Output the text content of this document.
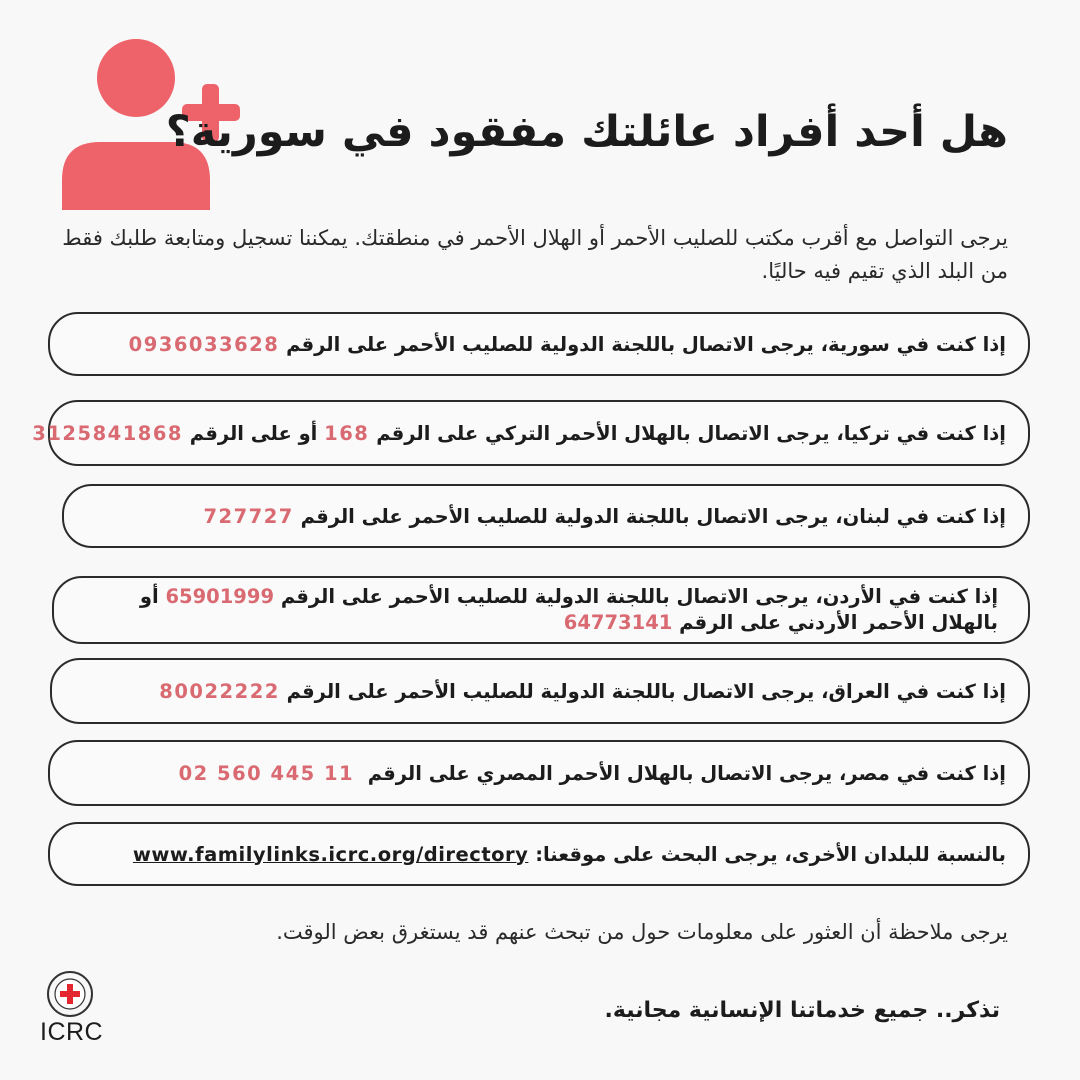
هل أحد أفراد عائلتك مفقود في سورية؟

يرجى التواصل مع أقرب مكتب للصليب الأحمر أو الهلال الأحمر في منطقتك. يمكننا تسجيل ومتابعة طلبك فقط من البلد الذي تقيم فيه حاليًا.

إذا كنت في سورية، يرجى الاتصال باللجنة الدولية للصليب الأحمر على الرقم

0936033628
إذا كنت في تركيا، يرجى الاتصال بالهلال الأحمر التركي على الرقم

168

أو على الرقم

3125841868
إذا كنت في لبنان، يرجى الاتصال باللجنة الدولية للصليب الأحمر على الرقم

727727
إذا كنت في الأردن، يرجى الاتصال باللجنة الدولية للصليب الأحمر على الرقم 65901999 أو بالهلال الأحمر الأردني على الرقم 64773141
إذا كنت في العراق، يرجى الاتصال باللجنة الدولية للصليب الأحمر على الرقم

80022222
إذا كنت في مصر، يرجى الاتصال بالهلال الأحمر المصري على الرقم

02 560 445 11
بالنسبة للبلدان الأخرى، يرجى البحث على موقعنا:

www.familylinks.icrc.org/directory

يرجى ملاحظة أن العثور على معلومات حول من تبحث عنهم قد يستغرق بعض الوقت.

تذكر.. جميع خدماتنا الإنسانية مجانية.

ICRC
